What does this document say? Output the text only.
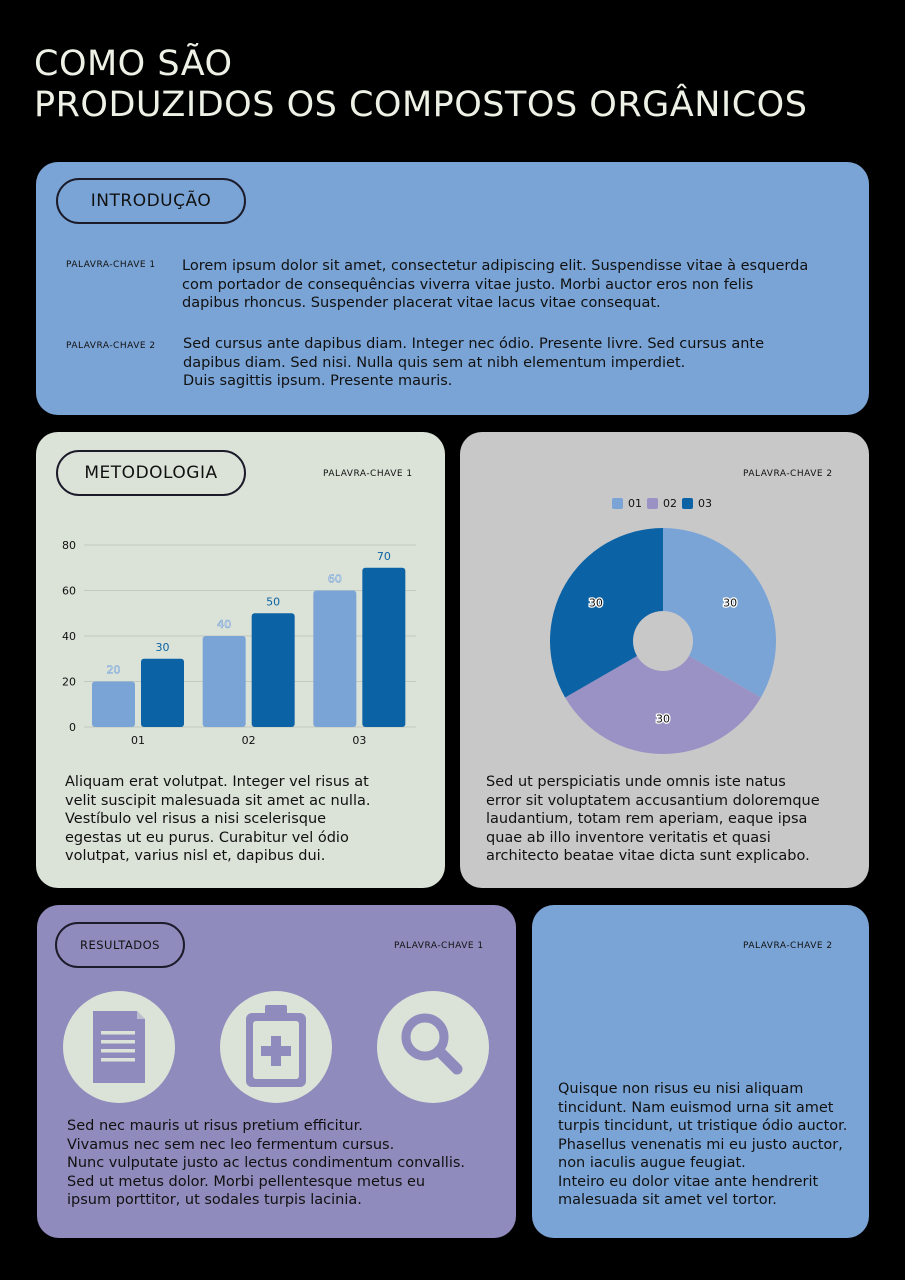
COMO SÃO
PRODUZIDOS OS COMPOSTOS ORGÂNICOS
INTRODUÇÃO
PALAVRA-CHAVE 1 Lorem ipsum dolor sit amet, consectetur adipiscing elit. Suspendisse vitae à esquerda
com portador de consequências viverra vitae justo. Morbi auctor eros non felis
dapibus rhoncus. Suspender placerat vitae lacus vitae consequat.

PALAVRA-CHAVE 2 Sed cursus ante dapibus diam. Integer nec ódio. Presente livre. Sed cursus ante
dapibus diam. Sed nisi. Nulla quis sem at nibh elementum imperdiet.
Duis sagittis ipsum. Presente mauris.

METODOLOGIA	PALAVRA-CHAVE 1
0
20
40
60
80
20
30
01
40
50
02
60
70
03

Aliquam erat volutpat. Integer vel risus at
velit suscipit malesuada sit amet ac nulla.
Vestíbulo vel risus a nisi scelerisque
egestas ut eu purus. Curabitur vel ódio
volutpat, varius nisl et, dapibus dui.

PALAVRA-CHAVE 2
01 02 03
30
30
30

Sed ut perspiciatis unde omnis iste natus
error sit voluptatem accusantium doloremque
laudantium, totam rem aperiam, eaque ipsa
quae ab illo inventore veritatis et quasi
architecto beatae vitae dicta sunt explicabo.

RESULTADOS	PALAVRA-CHAVE 1

Sed nec mauris ut risus pretium efficitur.
Vivamus nec sem nec leo fermentum cursus.
Nunc vulputate justo ac lectus condimentum convallis.
Sed ut metus dolor. Morbi pellentesque metus eu
ipsum porttitor, ut sodales turpis lacinia.

PALAVRA-CHAVE 2

Quisque non risus eu nisi aliquam
tincidunt. Nam euismod urna sit amet
turpis tincidunt, ut tristique ódio auctor.
Phasellus venenatis mi eu justo auctor,
non iaculis augue feugiat.
Inteiro eu dolor vitae ante hendrerit
malesuada sit amet vel tortor.
